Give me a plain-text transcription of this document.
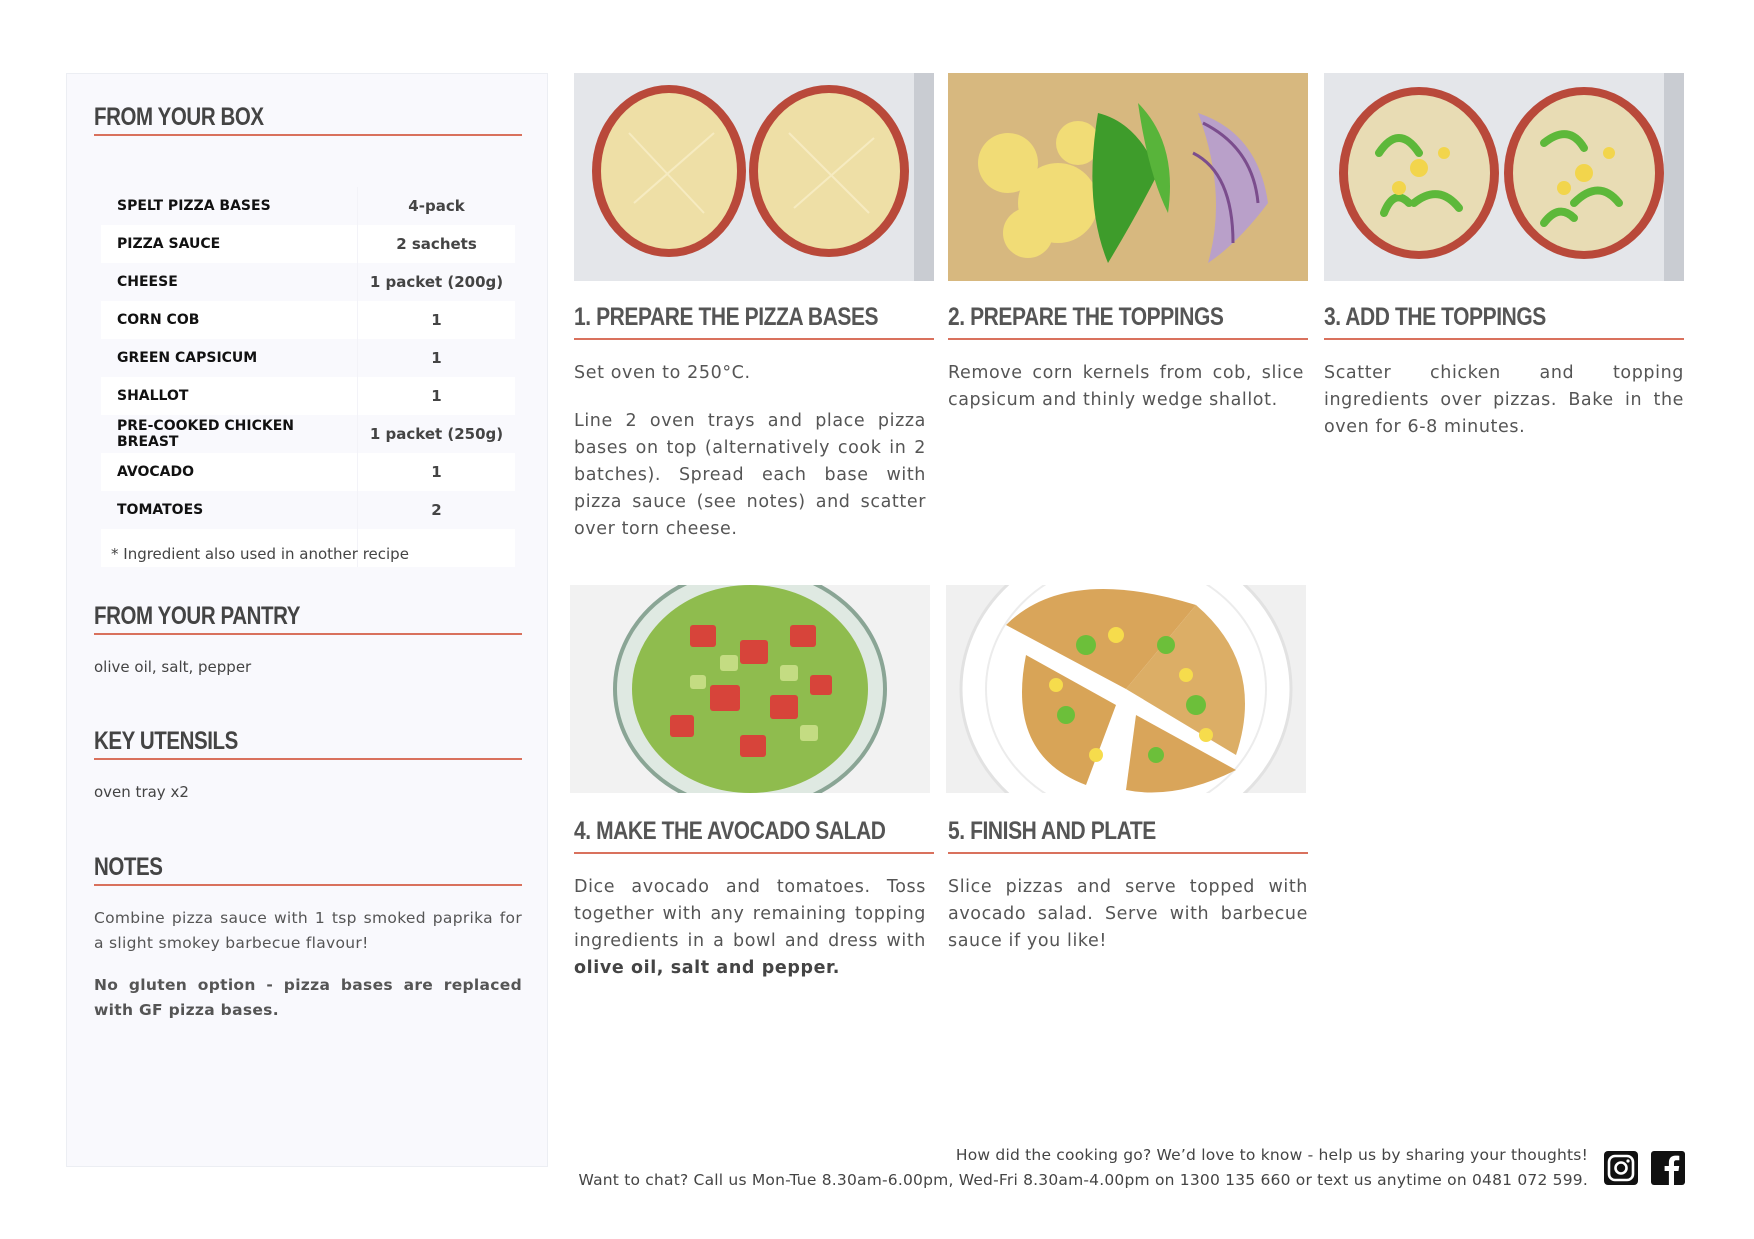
FROM YOUR BOX
SPELT PIZZA BASES	4-pack
PIZZA SAUCE	2 sachets
CHEESE	1 packet (200g)
CORN COB	1
GREEN CAPSICUM	1
SHALLOT	1
PRE-COOKED CHICKEN BREAST	1 packet (250g)
AVOCADO	1
TOMATOES	2

* Ingredient also used in another recipe
FROM YOUR PANTRY
olive oil, salt, pepper
KEY UTENSILS
oven tray x2
NOTES
Combine pizza sauce with 1 tsp smoked paprika for a slight smokey barbecue flavour!
No gluten option - pizza bases are replaced with GF pizza bases.
1. PREPARE THE PIZZA BASES

Set oven to 250°C.

Line 2 oven trays and place pizza bases on top (alternatively cook in 2 batches). Spread each base with pizza sauce (see notes) and scatter over torn cheese.

2. PREPARE THE TOPPINGS

Remove corn kernels from cob, slice capsicum and thinly wedge shallot.

3. ADD THE TOPPINGS

Scatter chicken and topping ingredients over pizzas. Bake in the oven for 6-8 minutes.

4. MAKE THE AVOCADO SALAD

Dice avocado and tomatoes. Toss together with any remaining topping ingredients in a bowl and dress with olive oil, salt and pepper.

5. FINISH AND PLATE

Slice pizzas and serve topped with avocado salad. Serve with barbecue sauce if you like!

How did the cooking go? We’d love to know - help us by sharing your thoughts!
Want to chat? Call us Mon-Tue 8.30am-6.00pm, Wed-Fri 8.30am-4.00pm on 1300 135 660 or text us anytime on 0481 072 599.
